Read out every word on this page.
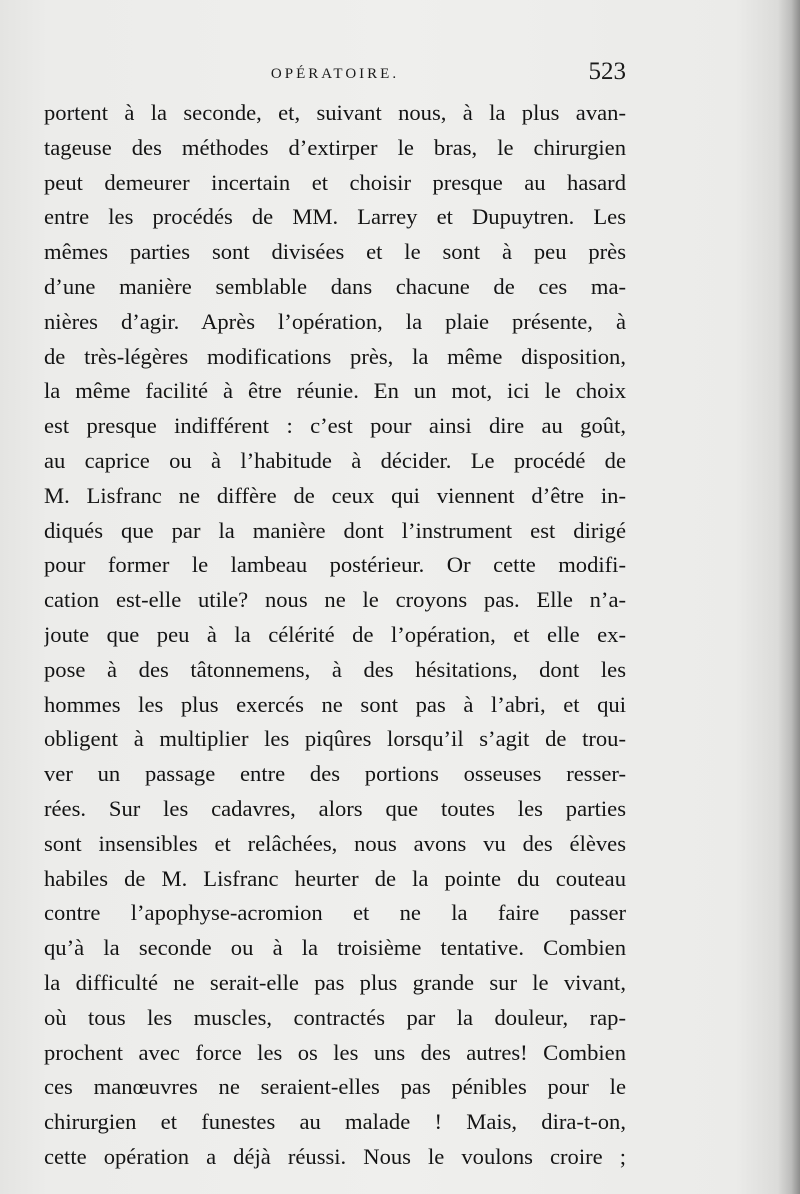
OPÉRATOIRE.	523
portent à la seconde, et, suivant nous, à la plus avan-
tageuse des méthodes d’extirper le bras, le chirurgien
peut demeurer incertain et choisir presque au hasard
entre les procédés de MM. Larrey et Dupuytren. Les
mêmes parties sont divisées et le sont à peu près
d’une manière semblable dans chacune de ces ma-
nières d’agir. Après l’opération, la plaie présente, à
de très-légères modifications près, la même disposition,
la même facilité à être réunie. En un mot, ici le choix
est presque indifférent : c’est pour ainsi dire au goût,
au caprice ou à l’habitude à décider. Le procédé de
M. Lisfranc ne diffère de ceux qui viennent d’être in-
diqués que par la manière dont l’instrument est dirigé
pour former le lambeau postérieur. Or cette modifi-
cation est-elle utile? nous ne le croyons pas. Elle n’a-
joute que peu à la célérité de l’opération, et elle ex-
pose à des tâtonnemens, à des hésitations, dont les
hommes les plus exercés ne sont pas à l’abri, et qui
obligent à multiplier les piqûres lorsqu’il s’agit de trou-
ver un passage entre des portions osseuses resser-
rées. Sur les cadavres, alors que toutes les parties
sont insensibles et relâchées, nous avons vu des élèves
habiles de M. Lisfranc heurter de la pointe du couteau
contre l’apophyse-acromion et ne la faire passer
qu’à la seconde ou à la troisième tentative. Combien
la difficulté ne serait-elle pas plus grande sur le vivant,
où tous les muscles, contractés par la douleur, rap-
prochent avec force les os les uns des autres! Combien
ces manœuvres ne seraient-elles pas pénibles pour le
chirurgien et funestes au malade ! Mais, dira-t-on,
cette opération a déjà réussi. Nous le voulons croire ;
